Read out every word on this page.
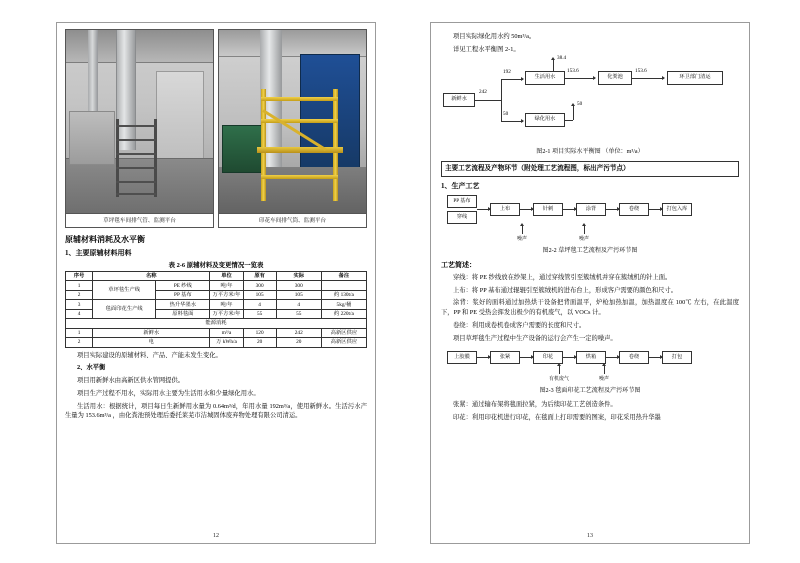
草坪毯车间排气管、监测平台	印花车间排气筒、监测平台
原辅材料消耗及水平衡
1、主要原辅材料用料
表 2-6 原辅材料及变更情况一览表
序号	名称		单位	原有	实际	备注
1	草坪毯生产线	PE 纱线	吨/年	300	300	
2		PP 基布	万平方米/年	105	105	约 130t/a
3	毯面印花生产线	热升华墨水	吨/年	4	4	5kg/桶
4		原料毯面	万平方米/年	55	55	约 220t/a
能源消耗						
1	新鲜水		m³/a	120	242	高新区供应
2	电		万 kWh/a	20	20	高新区供应

项目实际建设的原辅材料、产品、产能未发生变化。

2、水平衡

项目用新鲜水由高新区供水管网提供。

项目生产过程不用水，实际用水主要为生活用水和少量绿化用水。

生活用水：根据统计，项目每日生新鲜用水量为 0.64m³/d，年用水量 192m³/a，使用新鲜水。生活污水产生量为 153.6m³/a ，由化粪池预处理后委托莱芜市洁城固体废弃物处理有限公司清运。

12

项目实际绿化用水约 50m³/a。

详见工程水平衡图 2-1。

新鲜水
242
192
50
生活用水
绿化用水
38.4
153.6
化粪池
153.6
环卫部门清运
50
图2-1 项目实际水平衡图 （单位：m³/a）
主要工艺流程及产物环节（附处理工艺流程图，标出产污节点）
1、生产工艺
PP 基布
穿线
上布	针刺	涂背	卷绕	打包入库
噪声	噪声
图2-2 草坪毯工艺流程及产污环节图
工艺简述：

穿线：将 PE 纱线放在纱架上，通过穿线管引至簇绒机并穿在簇绒机的针上面。

上布：将 PP 基布通过辊辊引至簇绒机的进布台上，形成客户需要的颜色和尺寸。

涂背：浆好的面料通过加热烘干设备把背面温平，炉枪加热加温，加热温度在 100℃ 左右，在此温度下，PP 和 PE 受热会挥发出极少的有机废气，以 VOCs 计。

卷绕：利用成卷机卷成客户需要的长度和尺寸。

项目草坪毯生产过程中生产设备的运行会产生一定的噪声。

上胶膜	张紧	印花	烘箱	卷绕	打包
有机废气	噪声
图2-3 毯面印花工艺流程及产污环节图

张紧：通过输布架将毯面拉紧，为后续印花工艺创造条件。

印花：利用印花机进行印花，在毯面上打印需要的图案，印花采用热升华墨

13
